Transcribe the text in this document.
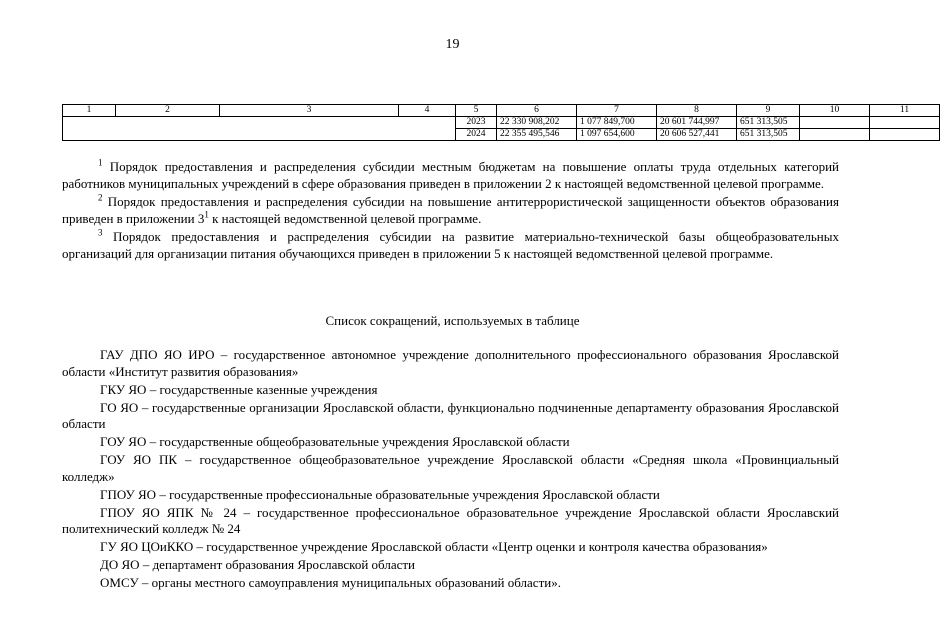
19
1	2	3	4	5	6	7	8	9	10	11
				2023	22 330 908,202	1 077 849,700	20 601 744,997	651 313,505		
				2024	22 355 495,546	1 097 654,600	20 606 527,441	651 313,505		

$^1$ Порядок предоставления и распределения субсидии местным бюджетам на повышение оплаты труда отдельных категорий работников муниципальных учреждений в сфере образования приведен в приложении 2 к настоящей ведомственной целевой программе.

$^2$ Порядок предоставления и распределения субсидии на повышение антитеррористической защищенности объектов образования приведен в приложении $3^1$ к настоящей ведомственной целевой программе.

$^3$ Порядок предоставления и распределения субсидии на развитие материально-технической базы общеобразовательных организаций для организации питания обучающихся приведен в приложении 5 к настоящей ведомственной целевой программе.

Список сокращений, используемых в таблице

ГАУ ДПО ЯО ИРО – государственное автономное учреждение дополнительного профессионального образования Ярославской области «Институт развития образования»

ГКУ ЯО – государственные казенные учреждения

ГО ЯО – государственные организации Ярославской области, функционально подчиненные департаменту образования Ярославской области

ГОУ ЯО – государственные общеобразовательные учреждения Ярославской области

ГОУ ЯО ПК – государственное общеобразовательное учреждение Ярославской области «Средняя школа «Провинциальный колледж»

ГПОУ ЯО – государственные профессиональные образовательные учреждения Ярославской области

ГПОУ ЯО ЯПК № 24 – государственное профессиональное образовательное учреждение Ярославской области Ярославский политехнический колледж № 24

ГУ ЯО ЦОиККО – государственное учреждение Ярославской области «Центр оценки и контроля качества образования»

ДО ЯО – департамент образования Ярославской области

ОМСУ – органы местного самоуправления муниципальных образований области».
